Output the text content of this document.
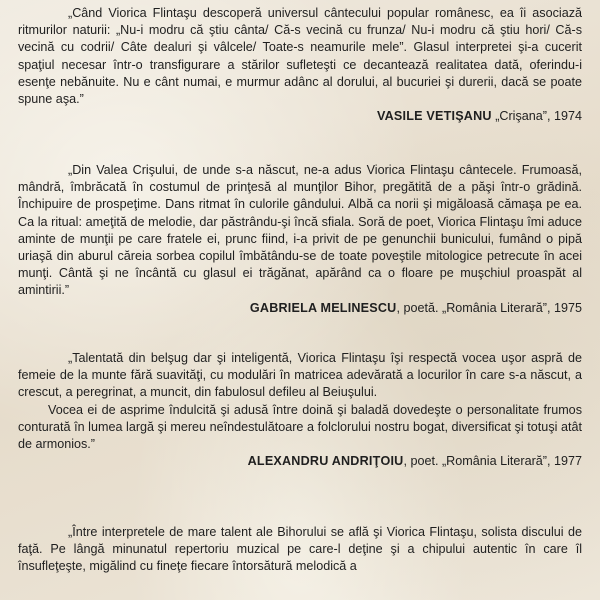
„Când Viorica Flintaşu descoperă universul cântecului popular românesc, ea îi asociază ritmurilor naturii: „Nu-i modru că ştiu cânta/ Că-s vecină cu frunza/ Nu-i modru că ştiu hori/ Că-s vecină cu codrii/ Câte dealuri şi vâlcele/ Toate-s neamurile mele”. Glasul interpretei şi-a cucerit spaţiul necesar într-o transfigurare a stărilor sufleteşti ce decantează realitatea dată, oferindu-i esenţe nebănuite. Nu e cânt numai, e murmur adânc al dorului, al bucuriei şi durerii, dacă se poate spune aşa.”

VASILE VETIŞANU „Crişana”, 1974

„Din Valea Crişului, de unde s-a născut, ne-a adus Viorica Flintaşu cântecele. Frumoasă, mândră, îmbrăcată în costumul de prinţesă al munţilor Bihor, pregătită de a păşi într-o grădină. Închipuire de prospeţime. Dans ritmat în culorile gândului. Albă ca norii şi migăloasă cămaşa pe ea. Ca la ritual: ameţită de melodie, dar păstrându-şi încă sfiala. Soră de poet, Viorica Flintaşu îmi aduce aminte de munţii pe care fratele ei, prunc fiind, i-a privit de pe genunchii bunicului, fumând o pipă uriaşă din aburul căreia sorbea copilul îmbătându-se de toate poveştile mitologice petrecute în acei munţi. Cântă şi ne încântă cu glasul ei trăgănat, apărând ca o floare pe muşchiul proaspăt al amintirii.”

GABRIELA MELINESCU, poetă. „România Literară”, 1975

„Talentată din belşug dar şi inteligentă, Viorica Flintaşu îşi respectă vocea uşor aspră de femeie de la munte fără suavităţi, cu modulări în matricea adevărată a locurilor în care s-a născut, a crescut, a peregrinat, a muncit, din fabulosul defileu al Beiuşului.

Vocea ei de asprime îndulcită şi adusă între doină şi baladă dovedeşte o personalitate frumos conturată în lumea largă şi mereu neîndestulătoare a folclorului nostru bogat, diversificat şi totuşi atât de armonios.”

ALEXANDRU ANDRIŢOIU, poet. „România Literară”, 1977

„Între interpretele de mare talent ale Bihorului se află şi Viorica Flintaşu, solista discului de faţă. Pe lângă minunatul repertoriu muzical pe care-l deţine şi a chipului autentic în care îl însufleţeşte, migălind cu fineţe fiecare întorsătură melodică a
